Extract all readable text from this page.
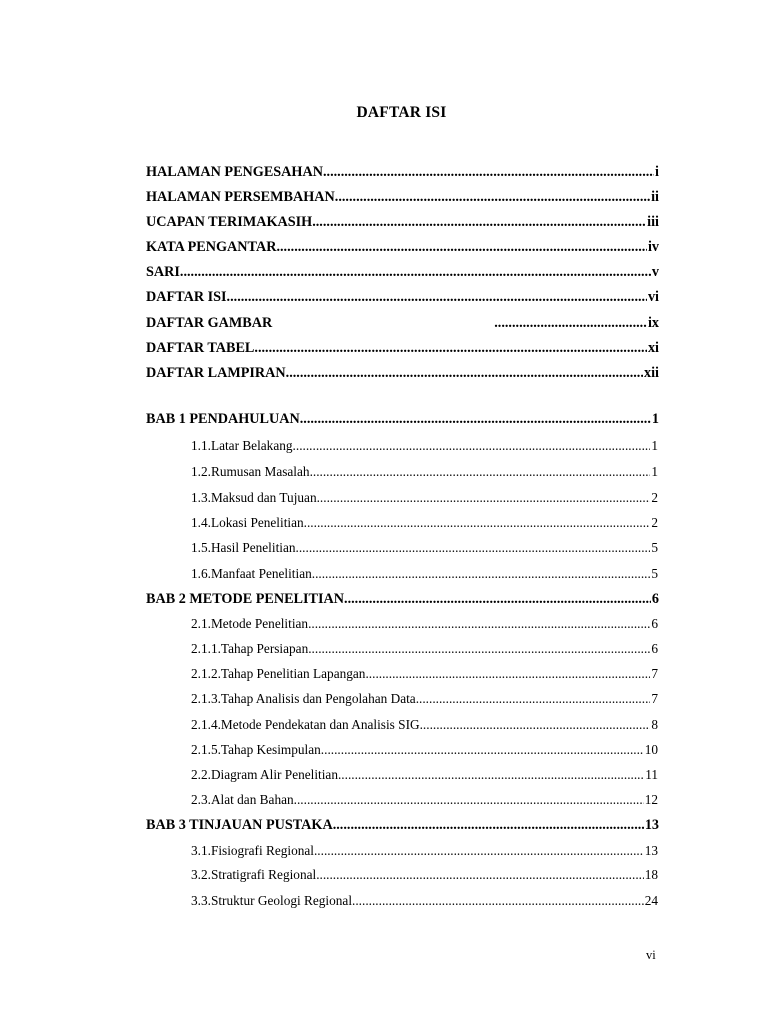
DAFTAR ISI
HALAMAN PENGESAHAN .....	i
HALAMAN PERSEMBAHAN .....	ii
UCAPAN TERIMAKASIH .....	iii
KATA PENGANTAR .....	iv
SARI .....	v
DAFTAR ISI .....	vi
DAFTAR GAMBAR .....	ix
DAFTAR TABEL .....	xi
DAFTAR LAMPIRAN .....	xii
BAB 1 PENDAHULUAN .....	1
1.1.Latar Belakang .....	1
1.2.Rumusan Masalah .....	1
1.3.Maksud dan Tujuan .....	2
1.4.Lokasi Penelitian .....	2
1.5.Hasil Penelitian .....	5
1.6.Manfaat Penelitian .....	5
BAB 2 METODE PENELITIAN .....	6
2.1.Metode Penelitian .....	6
2.1.1.Tahap Persiapan .....	6
2.1.2.Tahap Penelitian Lapangan .....	7
2.1.3.Tahap Analisis dan Pengolahan Data .....	7
2.1.4.Metode Pendekatan dan Analisis SIG .....	8
2.1.5.Tahap Kesimpulan .....	10
2.2.Diagram Alir Penelitian .....	11
2.3.Alat dan Bahan .....	12
BAB 3 TINJAUAN PUSTAKA .....	13
3.1.Fisiografi Regional .....	13
3.2.Stratigrafi Regional .....	18
3.3.Struktur Geologi Regional .....	24
vi
